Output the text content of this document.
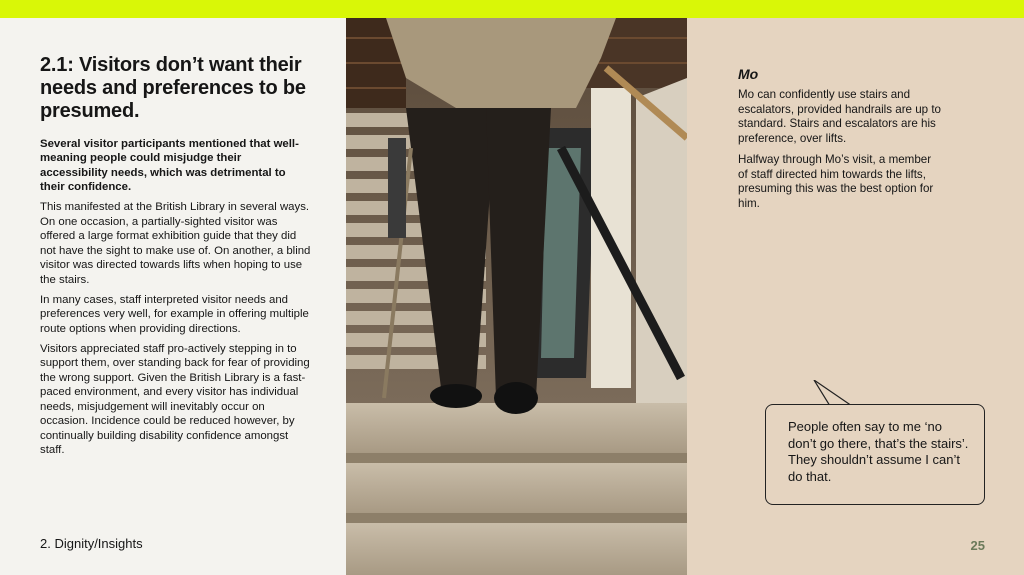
2.1: Visitors don’t want their needs and preferences to be presumed.

Several visitor participants mentioned that well-meaning people could misjudge their accessibility needs, which was detrimental to their confidence.

This manifested at the British Library in several ways. On one occasion, a partially-sighted visitor was offered a large format exhibition guide that they did not have the sight to make use of. On another, a blind visitor was directed towards lifts when hoping to use the stairs.

In many cases, staff interpreted visitor needs and preferences very well, for example in offering multiple route options when providing directions.

Visitors appreciated staff pro-actively stepping in to support them, over standing back for fear of providing the wrong support. Given the British Library is a fast-paced environment, and every visitor has individual needs, misjudgement will inevitably occur on occasion. Incidence could be reduced however, by continually building disability confidence amongst staff.

2. Dignity/Insights
Mo

Mo can confidently use stairs and escalators, provided handrails are up to standard. Stairs and escalators are his preference, over lifts.

Halfway through Mo’s visit, a member of staff directed him towards the lifts, presuming this was the best option for him.

People often say to me ‘no don’t go there, that’s the stairs’. They shouldn’t assume I can’t do that.
25
